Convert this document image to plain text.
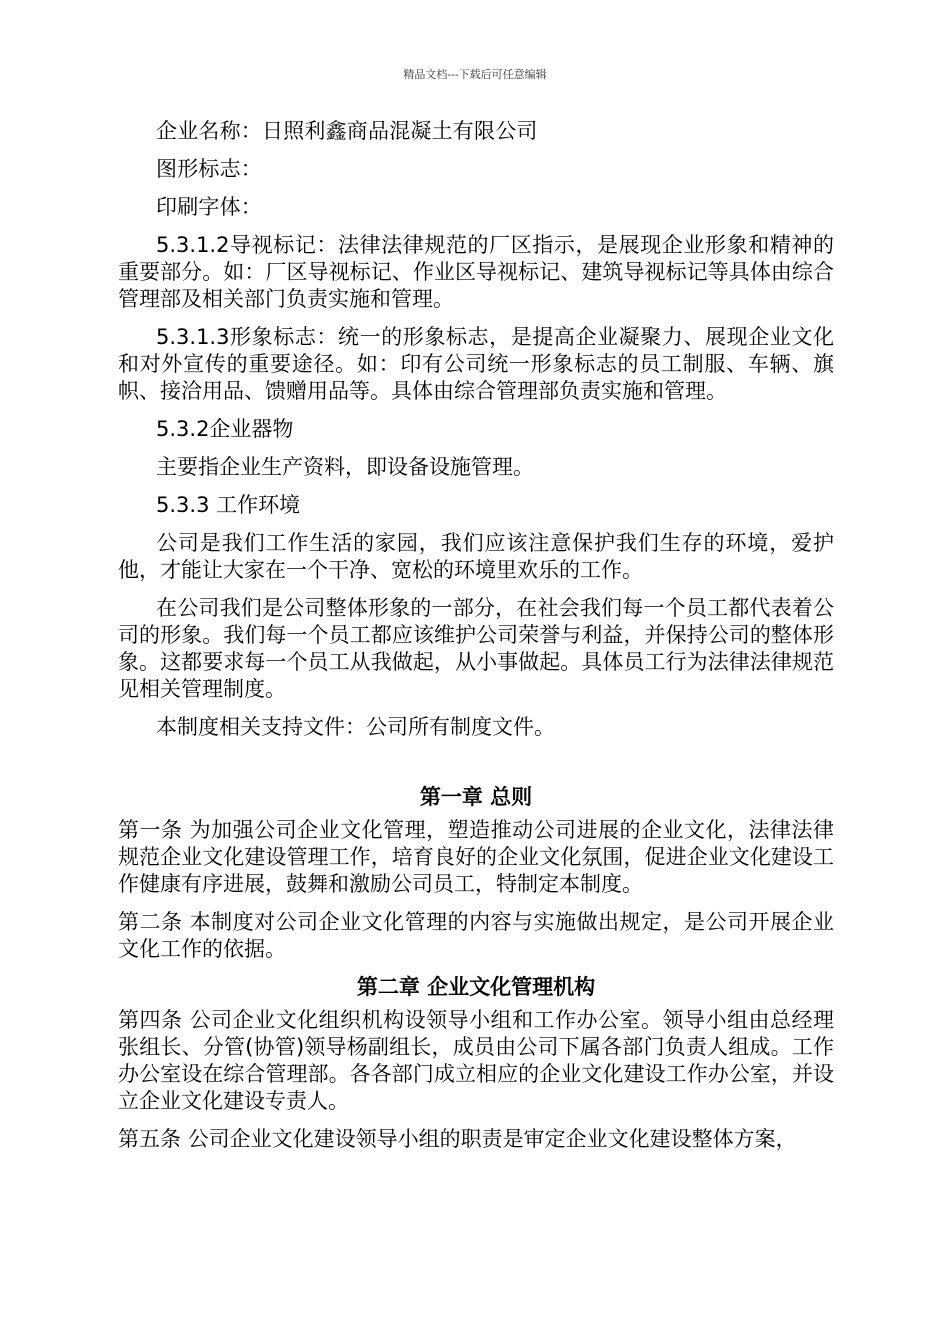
精品文档---下载后可任意编辑

企业名称：日照利鑫商品混凝土有限公司

图形标志：

印刷字体：

5.3.1.2导视标记：法律法律规范的厂区指示，是展现企业形象和精神的重要部分。如：厂区导视标记、作业区导视标记、建筑导视标记等具体由综合管理部及相关部门负责实施和管理。

5.3.1.3形象标志：统一的形象标志，是提高企业凝聚力、展现企业文化和对外宣传的重要途径。如：印有公司统一形象标志的员工制服、车辆、旗帜、接洽用品、馈赠用品等。具体由综合管理部负责实施和管理。

5.3.2企业器物

主要指企业生产资料，即设备设施管理。

5.3.3 工作环境

公司是我们工作生活的家园，我们应该注意保护我们生存的环境，爱护他，才能让大家在一个干净、宽松的环境里欢乐的工作。

在公司我们是公司整体形象的一部分，在社会我们每一个员工都代表着公司的形象。我们每一个员工都应该维护公司荣誉与利益，并保持公司的整体形象。这都要求每一个员工从我做起，从小事做起。具体员工行为法律法律规范见相关管理制度。

本制度相关支持文件：公司所有制度文件。

第一章 总则

第一条 为加强公司企业文化管理，塑造推动公司进展的企业文化，法律法律规范企业文化建设管理工作，培育良好的企业文化氛围，促进企业文化建设工作健康有序进展，鼓舞和激励公司员工，特制定本制度。

第二条 本制度对公司企业文化管理的内容与实施做出规定，是公司开展企业文化工作的依据。

第二章 企业文化管理机构

第四条 公司企业文化组织机构设领导小组和工作办公室。领导小组由总经理张组长、分管(协管)领导杨副组长，成员由公司下属各部门负责人组成。工作办公室设在综合管理部。各各部门成立相应的企业文化建设工作办公室，并设立企业文化建设专责人。

第五条 公司企业文化建设领导小组的职责是审定企业文化建设整体方案，
